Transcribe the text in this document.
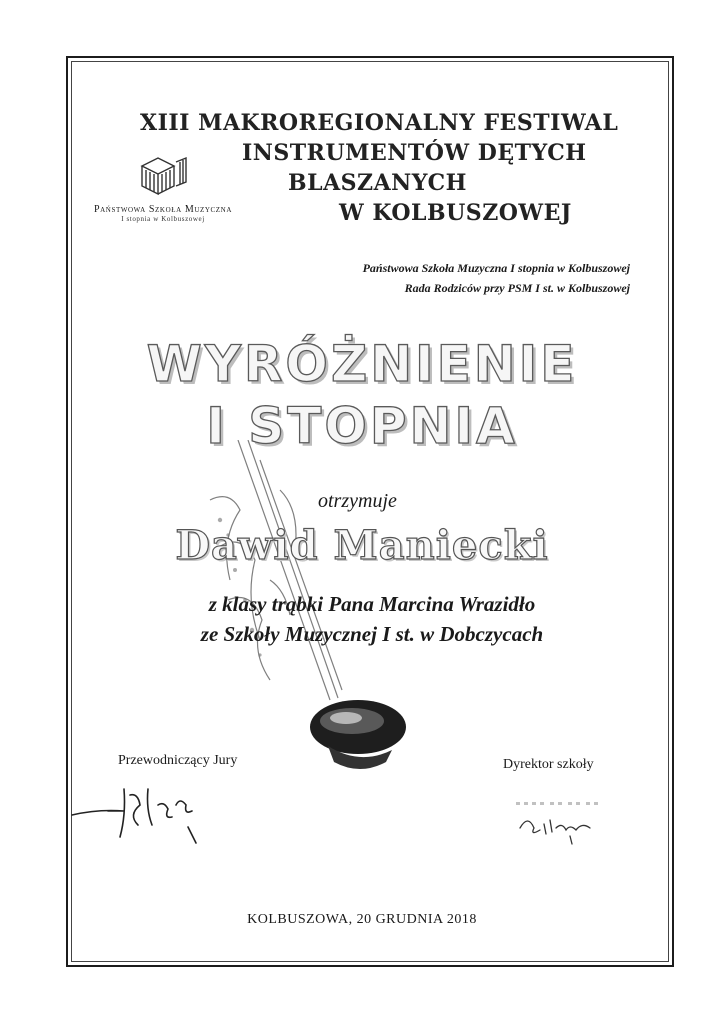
XIII MAKROREGIONALNY FESTIWAL
INSTRUMENTÓW DĘTYCH
BLASZANYCH
W KOLBUSZOWEJ
Państwowa Szkoła Muzyczna
I stopnia w Kolbuszowej
Państwowa Szkoła Muzyczna I stopnia w Kolbuszowej
Rada Rodziców przy PSM I st. w Kolbuszowej
WYRÓŻNIENIE
I STOPNIA
otrzymuje
Dawid Maniecki
z klasy trąbki Pana Marcina Wrazidło
ze Szkoły Muzycznej I st. w Dobczycach
Przewodniczący Jury	Dyrektor szkoły
KOLBUSZOWA, 20 GRUDNIA 2018
